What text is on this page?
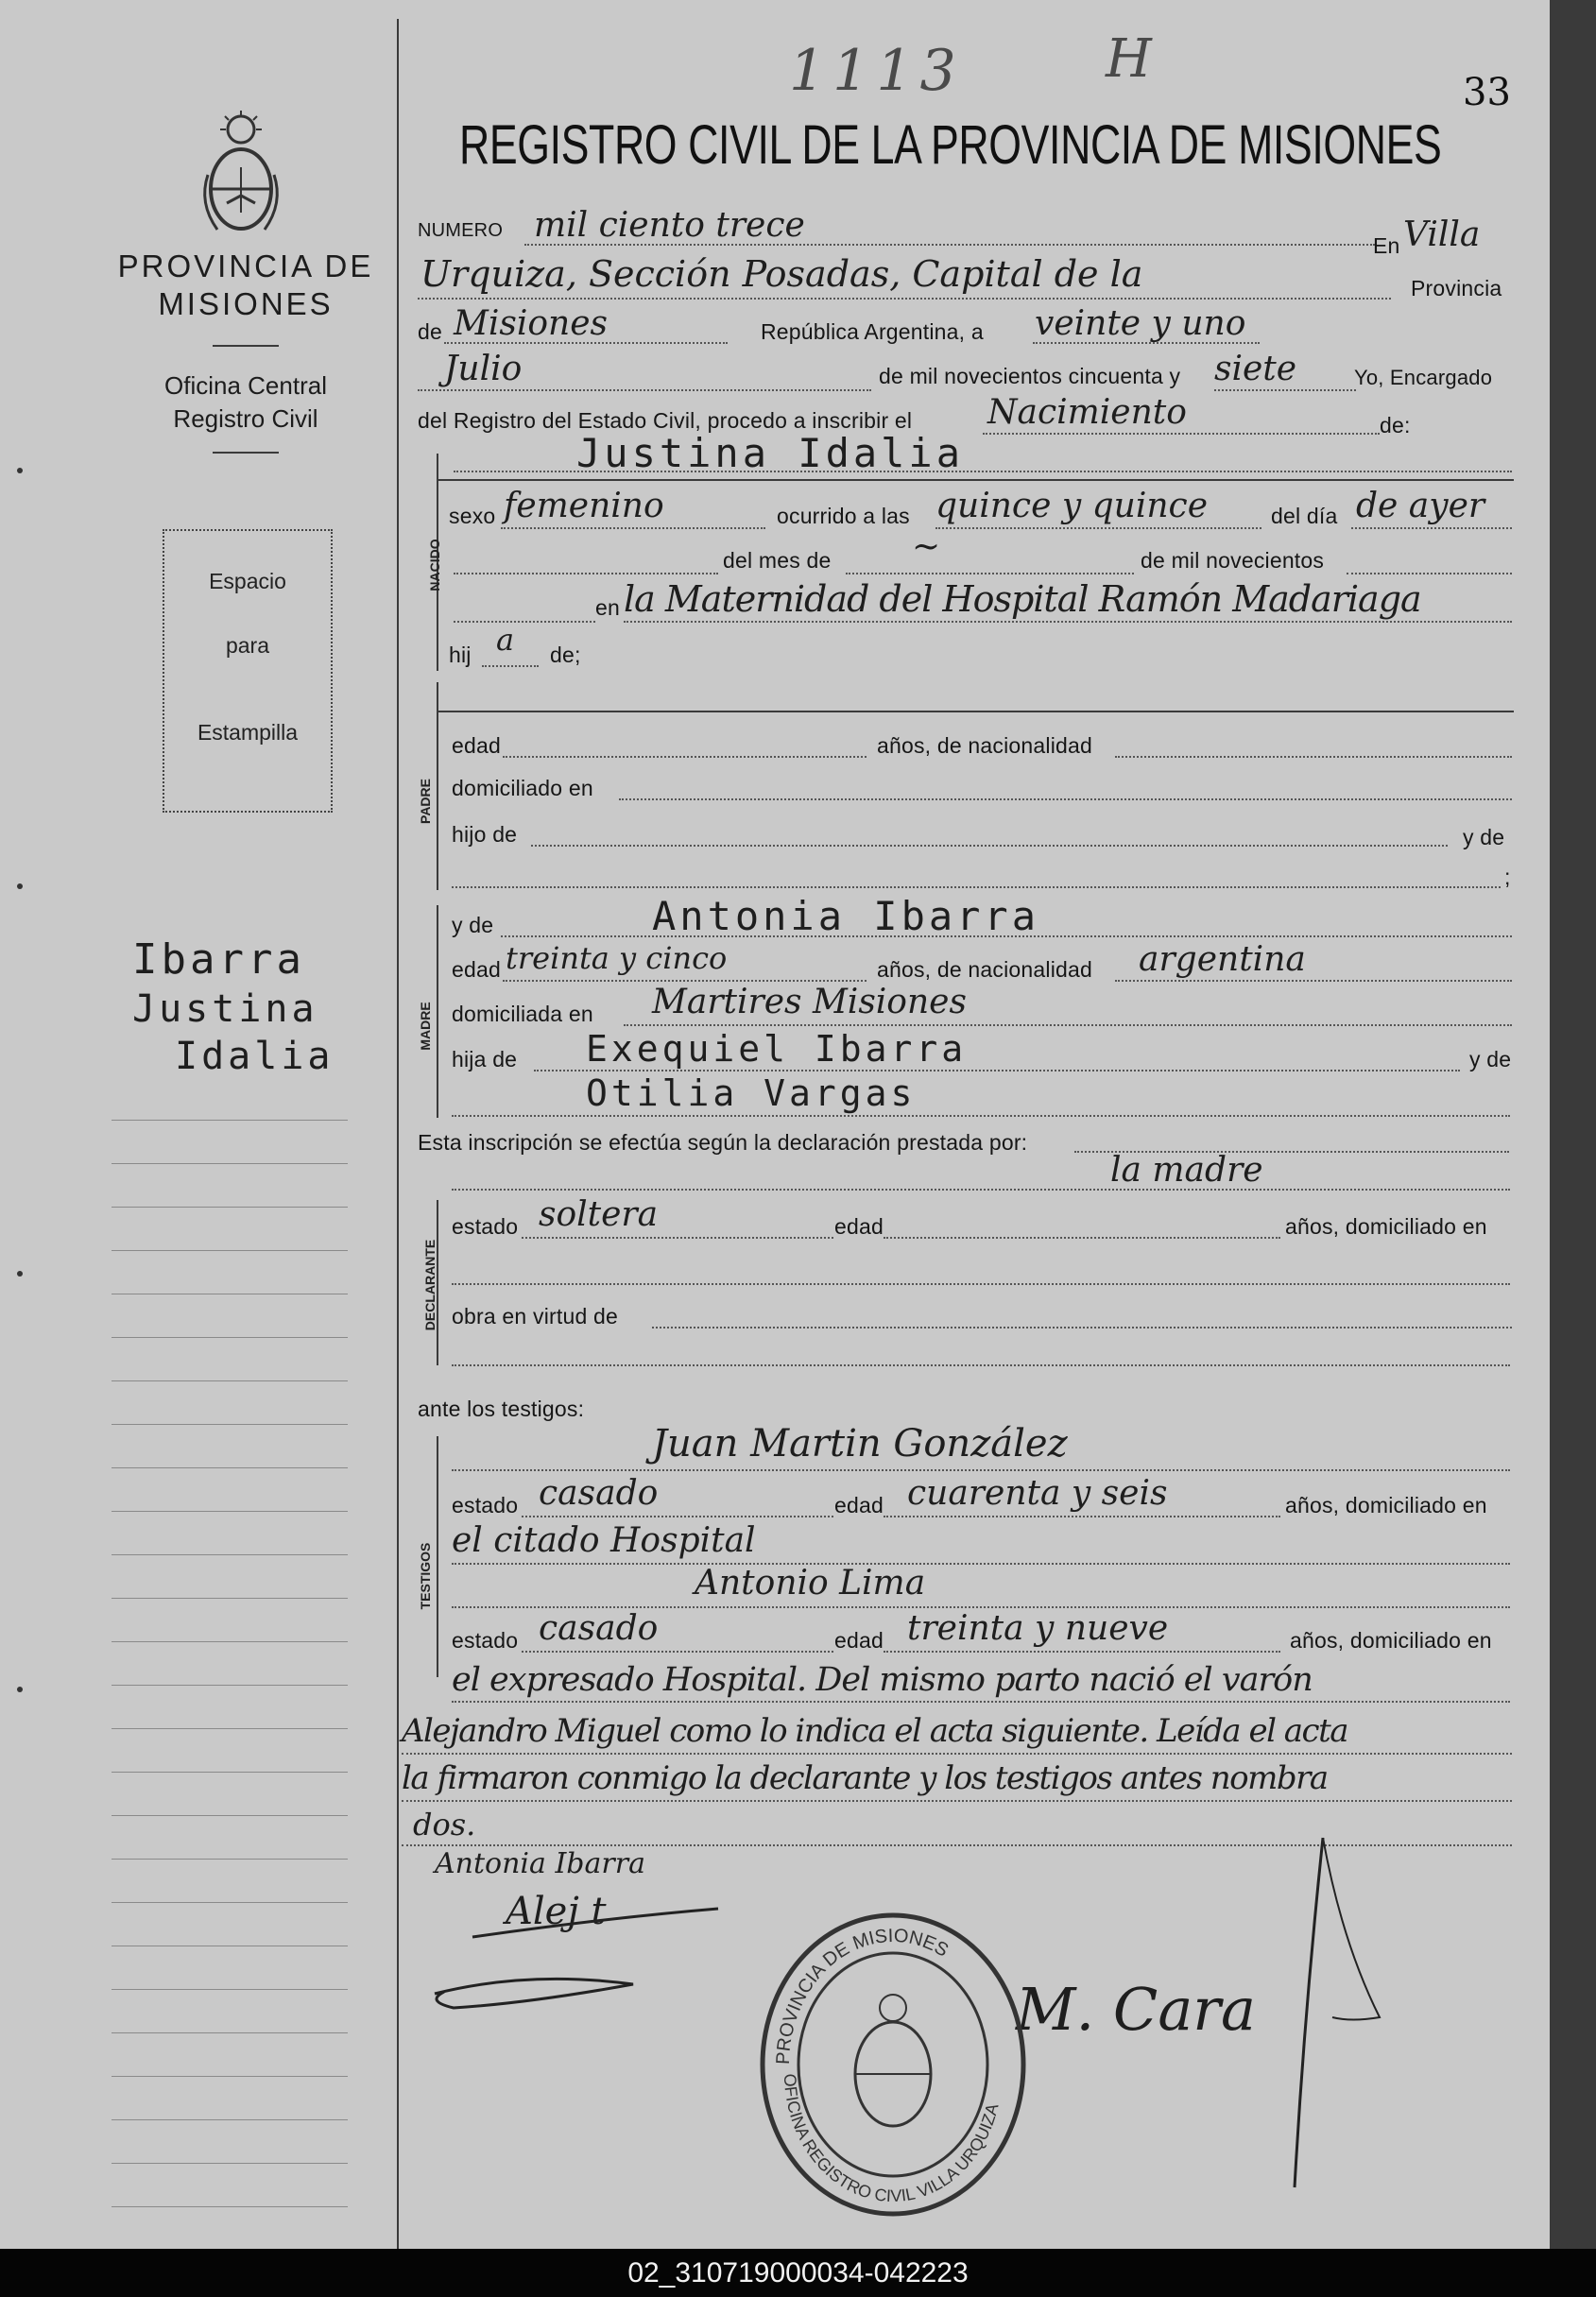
PROVINCIA DE MISIONES
Oficina Central
Registro Civil
Espacio
para
Estampilla
Ibarra
Justina
Idalia
1113	H
33
REGISTRO CIVIL DE LA PROVINCIA DE MISIONES
NUMERO mil ciento trece
En Villa
Urquiza, Sección Posadas, Capital de la	Provincia
de Misiones	República Argentina, a veinte y uno
Julio	de mil novecientos cincuenta y siete	Yo, Encargado
del Registro del Estado Civil, procedo a inscribir el Nacimiento	de:
Justina Idalia
NACIDO
sexo femenino	ocurrido a las quince y quince	del día de ayer
del mes de ~	de mil novecientos
en la Maternidad del Hospital Ramón Madariaga
hij a de;
PADRE
edad	años, de nacionalidad
domiciliado en
hijo de	y de
;
MADRE
y de	Antonia Ibarra
edad treinta y cinco	años, de nacionalidad argentina
domiciliada en Martires Misiones
hija de Exequiel Ibarra	y de
Otilia Vargas
Esta inscripción se efectúa según la declaración prestada por:
la madre
DECLARANTE
estado soltera	edad	años, domiciliado en
obra en virtud de
ante los testigos:
TESTIGOS
Juan Martin González
estado casado	edad cuarenta y seis	años, domiciliado en
el citado Hospital
Antonio Lima
estado casado	edad treinta y nueve	años, domiciliado en
el expresado Hospital. Del mismo parto nació el varón
Alejandro Miguel como lo indica el acta siguiente. Leída el acta
la firmaron conmigo la declarante y los testigos antes nombra
dos.
Antonia Ibarra
Alej t
M. Cara
PROVINCIA DE MISIONES
OFICINA REGISTRO CIVIL VILLA URQUIZA
02_310719000034-042223
